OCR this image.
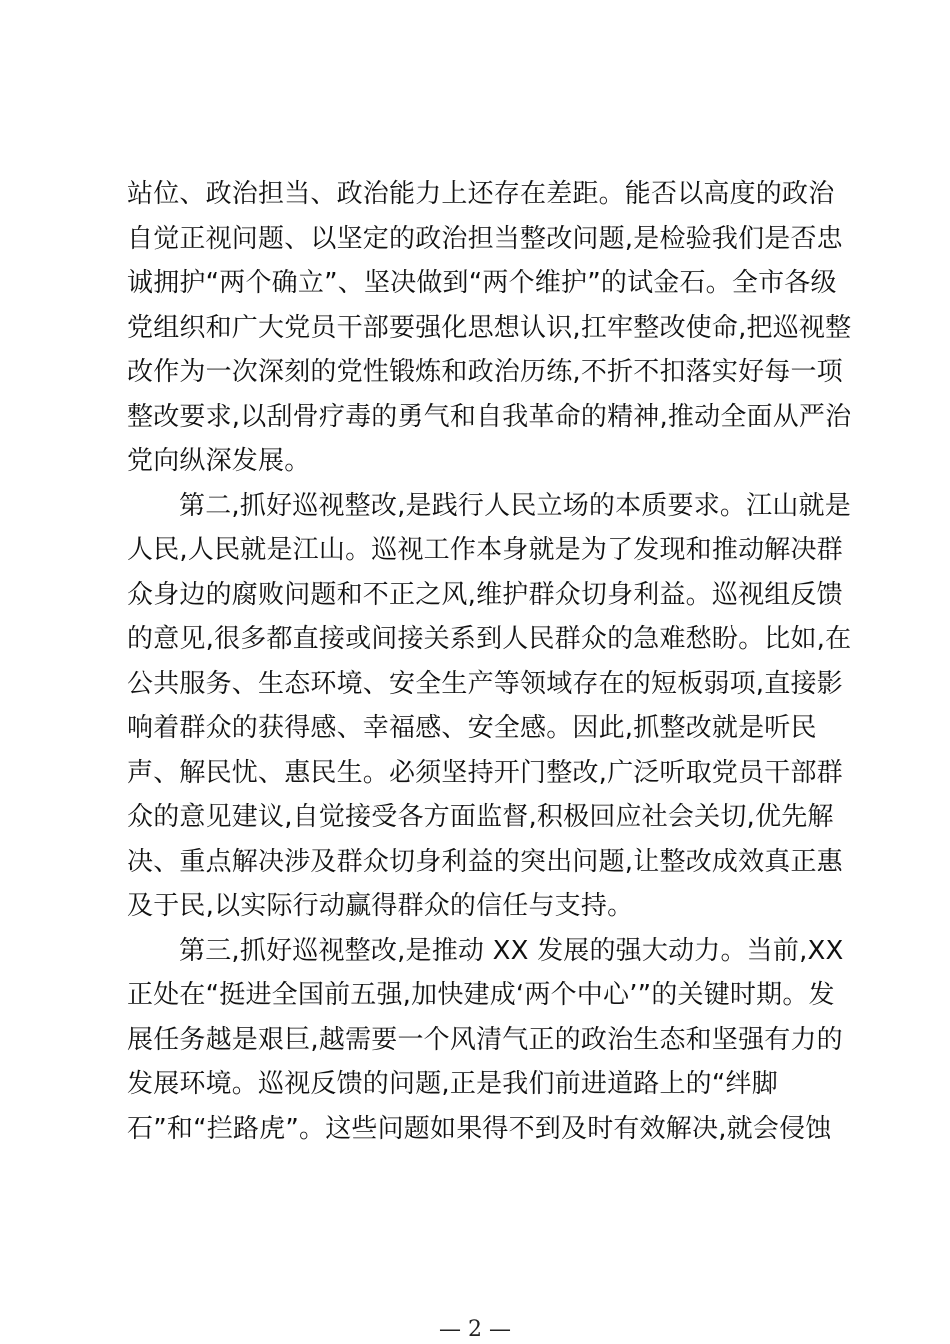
站位、政治担当、政治能力上还存在差距。能否以高度的政治
自觉正视问题、以坚定的政治担当整改问题,是检验我们是否忠
诚拥护“两个确立”、坚决做到“两个维护”的试金石。全市各级
党组织和广大党员干部要强化思想认识,扛牢整改使命,把巡视整
改作为一次深刻的党性锻炼和政治历练,不折不扣落实好每一项
整改要求,以刮骨疗毒的勇气和自我革命的精神,推动全面从严治
党向纵深发展。
第二,抓好巡视整改,是践行人民立场的本质要求。江山就是
人民,人民就是江山。巡视工作本身就是为了发现和推动解决群
众身边的腐败问题和不正之风,维护群众切身利益。巡视组反馈
的意见,很多都直接或间接关系到人民群众的急难愁盼。比如,在
公共服务、生态环境、安全生产等领域存在的短板弱项,直接影
响着群众的获得感、幸福感、安全感。因此,抓整改就是听民
声、解民忧、惠民生。必须坚持开门整改,广泛听取党员干部群
众的意见建议,自觉接受各方面监督,积极回应社会关切,优先解
决、重点解决涉及群众切身利益的突出问题,让整改成效真正惠
及于民,以实际行动赢得群众的信任与支持。
第三,抓好巡视整改,是推动 XX 发展的强大动力。当前,XX
正处在“挺进全国前五强,加快建成‘两个中心’”的关键时期。发
展任务越是艰巨,越需要一个风清气正的政治生态和坚强有力的
发展环境。巡视反馈的问题,正是我们前进道路上的“绊脚
石”和“拦路虎”。这些问题如果得不到及时有效解决,就会侵蚀
— 2 —
